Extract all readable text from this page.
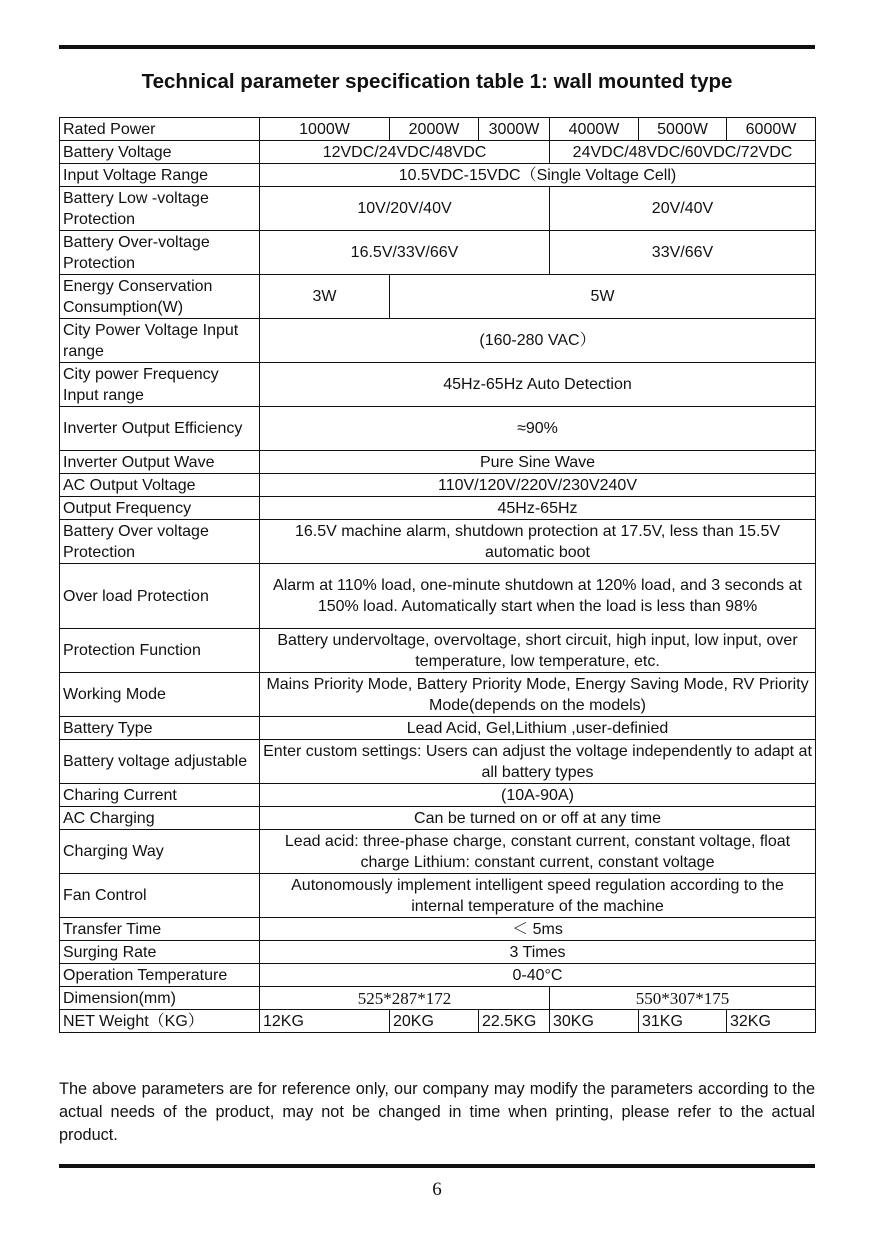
Technical parameter specification table 1: wall mounted type
Rated Power	1000W	2000W	3000W	4000W	5000W	6000W
Battery Voltage	12VDC/24VDC/48VDC			24VDC/48VDC/60VDC/72VDC		
Input Voltage Range	10.5VDC-15VDC（Single Voltage Cell)					
Battery Low -voltage Protection	10V/20V/40V			20V/40V		
Battery Over-voltage Protection	16.5V/33V/66V			33V/66V		
Energy Conservation Consumption(W)	3W	5W				
City Power Voltage Input range	(160-280 VAC）					
City power Frequency Input range	45Hz-65Hz Auto Detection					
Inverter Output Efficiency	≈90%					
Inverter Output Wave	Pure Sine Wave					
AC Output Voltage	110V/120V/220V/230V240V					
Output Frequency	45Hz-65Hz					
Battery Over voltage Protection	16.5V machine alarm, shutdown protection at 17.5V, less than 15.5V automatic boot					
Over load Protection	Alarm at 110% load, one-minute shutdown at 120% load, and 3 seconds at 150% load. Automatically start when the load is less than 98%					
Protection Function	Battery undervoltage, overvoltage, short circuit, high input, low input, over temperature, low temperature, etc.					
Working Mode	Mains Priority Mode, Battery Priority Mode, Energy Saving Mode, RV Priority Mode(depends on the models)					
Battery Type	Lead Acid, Gel,Lithium ,user-definied					
Battery voltage adjustable	Enter custom settings: Users can adjust the voltage independently to adapt at all battery types					
Charing Current	(10A-90A)					
AC Charging	Can be turned on or off at any time					
Charging Way	Lead acid: three-phase charge, constant current, constant voltage, float charge Lithium: constant current, constant voltage					
Fan Control	Autonomously implement intelligent speed regulation according to the internal temperature of the machine					
Transfer Time	＜ 5ms					
Surging Rate	3 Times					
Operation Temperature	0-40°C					
Dimension(mm)	525*287*172			550*307*175		
NET Weight（KG）	12KG	20KG	22.5KG	30KG	31KG	32KG

The above parameters are for reference only, our company may modify the parameters according to the actual needs of the product, may not be changed in time when printing, please refer to the actual product.

6
